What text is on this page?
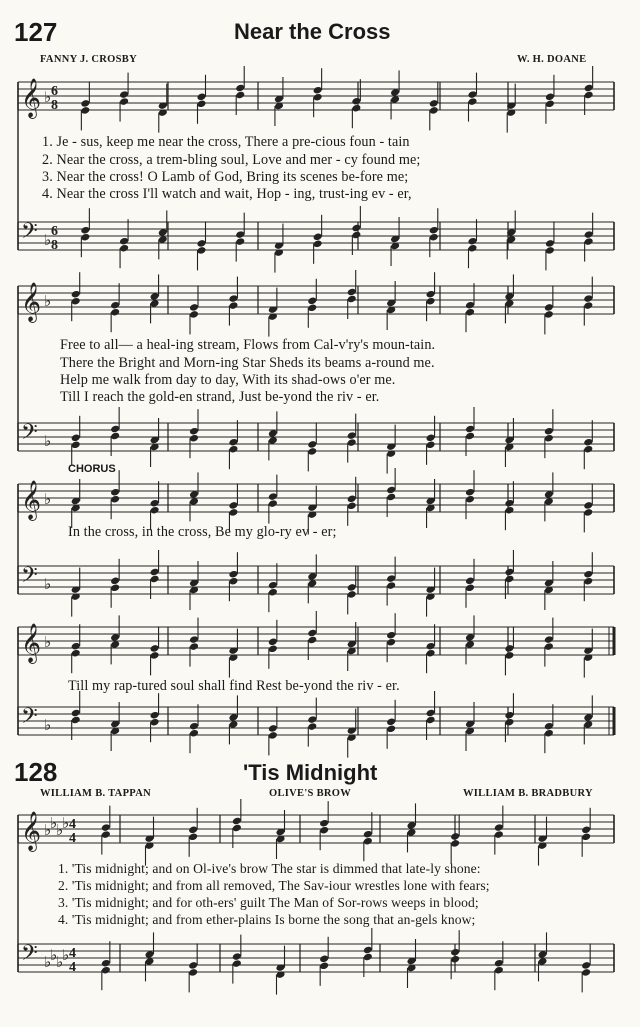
127	Near the Cross
FANNY J. CROSBY	W. H. DOANE
𝄞 ♭ 6
8
𝄢 ♭ 6
8
𝄞 ♭
𝄢 ♭
𝄞 ♭
𝄢 ♭
𝄞 ♭
𝄢 ♭
𝄞 ♭
♭
♭
♭ 4
4
𝄢 ♭
♭
♭
♭ 4
4
1. Je - sus, keep me near the cross, There a pre-cious foun - tain
2. Near the cross, a trem-bling soul, Love and mer - cy found me;
3. Near the cross! O Lamb of God, Bring its scenes be-fore me;
4. Near the cross I'll watch and wait, Hop - ing, trust-ing ev - er,
Free to all— a heal-ing stream, Flows from Cal-v'ry's moun-tain.
There the Bright and Morn-ing Star Sheds its beams a-round me.
Help me walk from day to day, With its shad-ows o'er me.
Till I reach the gold-en strand, Just be-yond the riv - er.
CHORUS
In the cross, in the cross, Be my glo-ry ev - er;
Till my rap-tured soul shall find Rest be-yond the riv - er.
128	'Tis Midnight
WILLIAM B. TAPPAN	OLIVE'S BROW	WILLIAM B. BRADBURY
1. 'Tis midnight; and on Ol-ive's brow The star is dimmed that late-ly shone:
2. 'Tis midnight; and from all removed, The Sav-iour wrestles lone with fears;
3. 'Tis midnight; and for oth-ers' guilt The Man of Sor-rows weeps in blood;
4. 'Tis midnight; and from ether-plains Is borne the song that an-gels know;
